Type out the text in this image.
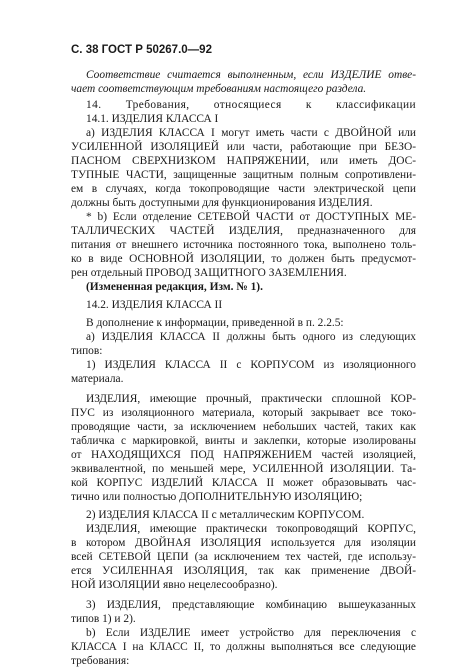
С. 38 ГОСТ Р 50267.0—92
Соответствие считается выполненным, если ИЗДЕЛИЕ отве-
чает соответствующим требованиям настоящего раздела.
14. Требования, относящиеся к классификации
14.1. ИЗДЕЛИЯ КЛАССА I
а) ИЗДЕЛИЯ КЛАССА I могут иметь части с ДВОЙНОЙ или
УСИЛЕННОЙ ИЗОЛЯЦИЕЙ или части, работающие при БЕЗО-
ПАСНОМ СВЕРХНИЗКОМ НАПРЯЖЕНИИ, или иметь ДОС-
ТУПНЫЕ ЧАСТИ, защищенные защитным полным сопротивлени-
ем в случаях, когда токопроводящие части электрической цепи
должны быть доступными для функционирования ИЗДЕЛИЯ.
* b) Если отделение СЕТЕВОЙ ЧАСТИ от ДОСТУПНЫХ МЕ-
ТАЛЛИЧЕСКИХ ЧАСТЕЙ ИЗДЕЛИЯ, предназначенного для
питания от внешнего источника постоянного тока, выполнено толь-
ко в виде ОСНОВНОЙ ИЗОЛЯЦИИ, то должен быть предусмот-
рен отдельный ПРОВОД ЗАЩИТНОГО ЗАЗЕМЛЕНИЯ.
(Измененная редакция, Изм. № 1).
14.2. ИЗДЕЛИЯ КЛАССА II
В дополнение к информации, приведенной в п. 2.2.5:
а) ИЗДЕЛИЯ КЛАССА II должны быть одного из следующих
типов:
1) ИЗДЕЛИЯ КЛАССА II с КОРПУСОМ из изоляционного
материала.
ИЗДЕЛИЯ, имеющие прочный, практически сплошной КОР-
ПУС из изоляционного материала, который закрывает все токо-
проводящие части, за исключением небольших частей, таких как
табличка с маркировкой, винты и заклепки, которые изолированы
от НАХОДЯЩИХСЯ ПОД НАПРЯЖЕНИЕМ частей изоляцией,
эквивалентной, по меньшей мере, УСИЛЕННОЙ ИЗОЛЯЦИИ. Та-
кой КОРПУС ИЗДЕЛИЙ КЛАССА II может образовывать час-
тично или полностью ДОПОЛНИТЕЛЬНУЮ ИЗОЛЯЦИЮ;
2) ИЗДЕЛИЯ КЛАССА II с металлическим КОРПУСОМ.
ИЗДЕЛИЯ, имеющие практически токопроводящий КОРПУС,
в котором ДВОЙНАЯ ИЗОЛЯЦИЯ используется для изоляции
всей СЕТЕВОЙ ЦЕПИ (за исключением тех частей, где использу-
ется УСИЛЕННАЯ ИЗОЛЯЦИЯ, так как применение ДВОЙ-
НОЙ ИЗОЛЯЦИИ явно нецелесообразно).
3) ИЗДЕЛИЯ, представляющие комбинацию вышеуказанных
типов 1) и 2).
b) Если ИЗДЕЛИЕ имеет устройство для переключения с
КЛАССА I на КЛАСС II, то должны выполняться все следующие
требования:
